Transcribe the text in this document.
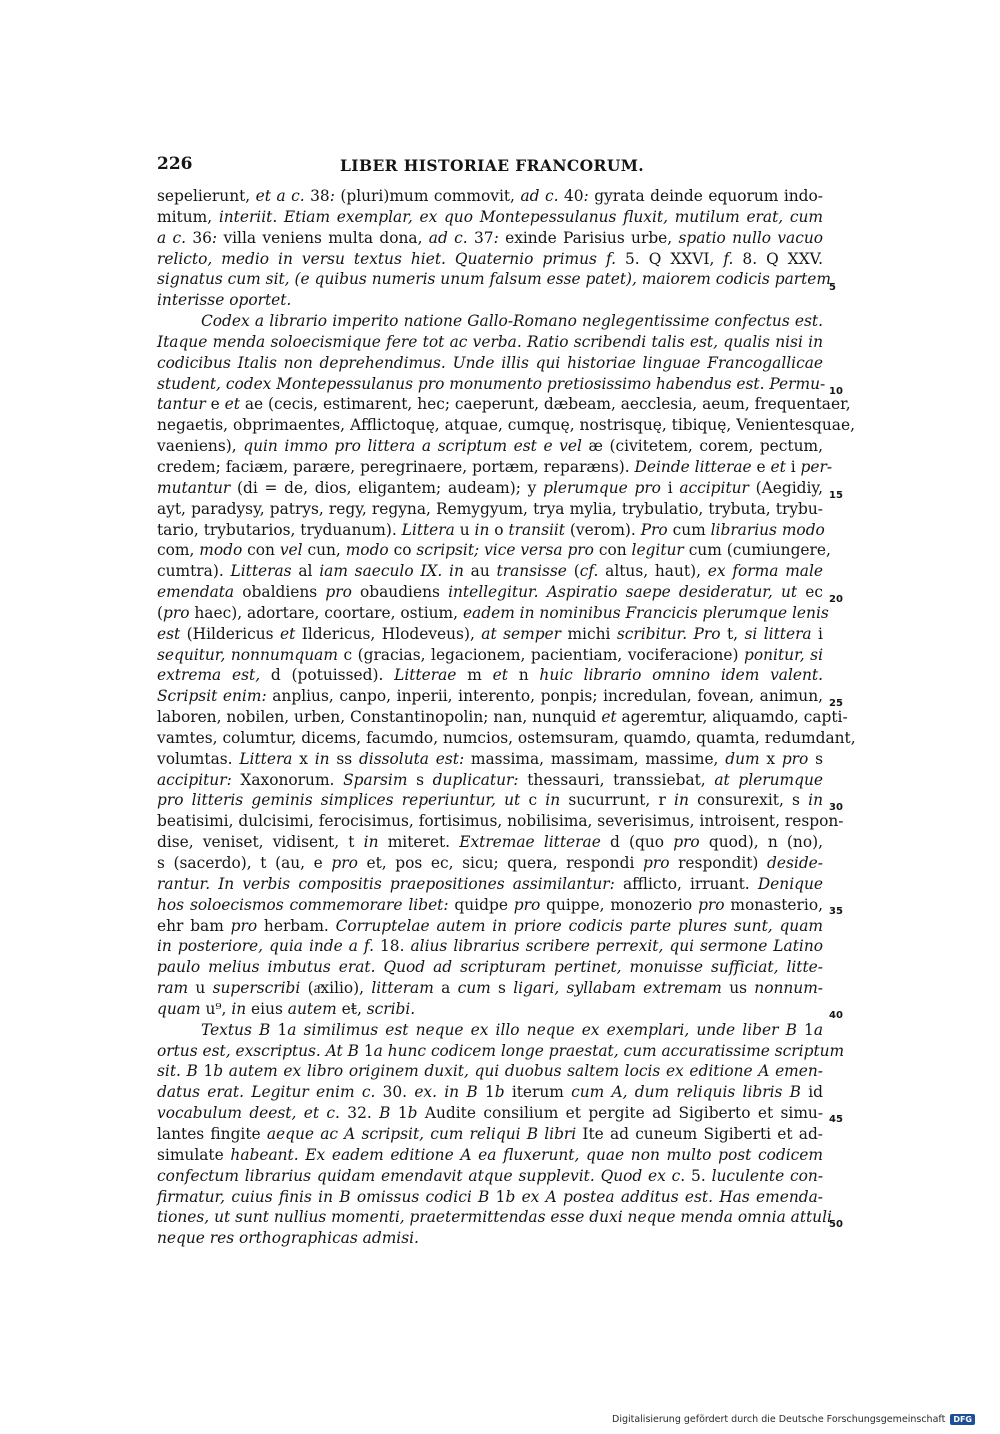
226	LIBER HISTORIAE FRANCORUM.
sepelierunt, et a c. 38: (pluri)mum commovit, ad c. 40: gyrata deinde equorum indo-
mitum, interiit. Etiam exemplar, ex quo Montepessulanus fluxit, mutilum erat, cum
a c. 36: villa veniens multa dona, ad c. 37: exinde Parisius urbe, spatio nullo vacuo
relicto, medio in versu textus hiet. Quaternio primus f. 5. Q XXVI, f. 8. Q XXV.
signatus cum sit, (e quibus numeris unum falsum esse patet), maiorem codicis partem
interisse oportet.
Codex a librario imperito natione Gallo-Romano neglegentissime confectus est.
Itaque menda soloecismique fere tot ac verba. Ratio scribendi talis est, qualis nisi in
codicibus Italis non deprehendimus. Unde illis qui historiae linguae Francogallicae
student, codex Montepessulanus pro monumento pretiosissimo habendus est. Permu-
tantur e et ae (cecis, estimarent, hec; caeperunt, dæbeam, aecclesia, aeum, frequentaer,
negaetis, obprimaentes, Afflictoquę, atquae, cumquę, nostrisquę, tibiquę, Venientesquae,
vaeniens), quin immo pro littera a scriptum est e vel æ (civitetem, corem, pectum,
credem; faciæm, parære, peregrinaere, portæm, reparæns). Deinde litterae e et i per-
mutantur (di = de, dios, eligantem; audeam); y plerumque pro i accipitur (Aegidiy,
ayt, paradysy, patrys, regy, regyna, Remygyum, trya mylia, trybulatio, trybuta, trybu-
tario, trybutarios, tryduanum). Littera u in o transiit (verom). Pro cum librarius modo
com, modo con vel cun, modo co scripsit; vice versa pro con legitur cum (cumiungere,
cumtra). Litteras al iam saeculo IX. in au transisse (cf. altus, haut), ex forma male
emendata obaldiens pro obaudiens intellegitur. Aspiratio saepe desideratur, ut ec
(pro haec), adortare, coortare, ostium, eadem in nominibus Francicis plerumque lenis
est (Hildericus et Ildericus, Hlodeveus), at semper michi scribitur. Pro t, si littera i
sequitur, nonnumquam c (gracias, legacionem, pacientiam, vociferacione) ponitur, si
extrema est, d (potuissed). Litterae m et n huic librario omnino idem valent.
Scripsit enim: anplius, canpo, inperii, interento, ponpis; incredulan, fovean, animun,
laboren, nobilen, urben, Constantinopolin; nan, nunquid et ageremtur, aliquamdo, capti-
vamtes, columtur, dicems, facumdo, numcios, ostemsuram, quamdo, quamta, redumdant,
volumtas. Littera x in ss dissoluta est: massima, massimam, massime, dum x pro s
accipitur: Xaxonorum. Sparsim s duplicatur: thessauri, transsiebat, at plerumque
pro litteris geminis simplices reperiuntur, ut c in sucurrunt, r in consurexit, s in
beatisimi, dulcisimi, ferocisimus, fortisimus, nobilisima, severisimus, introisent, respon-
dise, veniset, vidisent, t in miteret. Extremae litterae d (quo pro quod), n (no),
s (sacerdo), t (au, e pro et, pos ec, sicu; quera, respondi pro respondit) deside-
rantur. In verbis compositis praepositiones assimilantur: afflicto, irruant. Denique
hos soloecismos commemorare libet: quidpe pro quippe, monozerio pro monasterio,
ehr bam pro herbam. Corruptelae autem in priore codicis parte plures sunt, quam
in posteriore, quia inde a f. 18. alius librarius scribere perrexit, qui sermone Latino
paulo melius imbutus erat. Quod ad scripturam pertinet, monuisse sufficiat, litte-
ram u superscribi (aͦxilio), litteram a cum s ligari, syllabam extremam us nonnum-
quam u⁹, in eius autem eŧ, scribi.
Textus B 1a similimus est neque ex illo neque ex exemplari, unde liber B 1a
ortus est, exscriptus. At B 1a hunc codicem longe praestat, cum accuratissime scriptum
sit. B 1b autem ex libro originem duxit, qui duobus saltem locis ex editione A emen-
datus erat. Legitur enim c. 30. ex. in B 1b iterum cum A, dum reliquis libris B id
vocabulum deest, et c. 32. B 1b Audite consilium et pergite ad Sigiberto et simu-
lantes fingite aeque ac A scripsit, cum reliqui B libri Ite ad cuneum Sigiberti et ad-
simulate habeant. Ex eadem editione A ea fluxerunt, quae non multo post codicem
confectum librarius quidam emendavit atque supplevit. Quod ex c. 5. luculente con-
firmatur, cuius finis in B omissus codici B 1b ex A postea additus est. Has emenda-
tiones, ut sunt nullius momenti, praetermittendas esse duxi neque menda omnia attuli
neque res orthographicas admisi.
5
10
15
20
25
30
35
40
45
50
Digitalisierung gefördert durch die Deutsche Forschungsgemeinschaft	DFG
